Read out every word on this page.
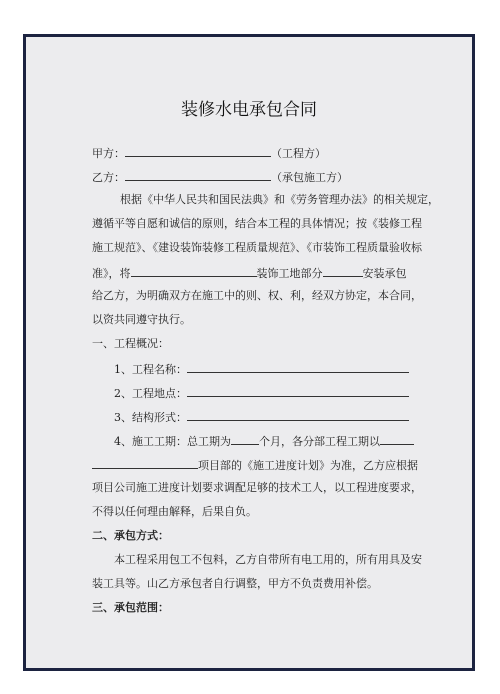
装修水电承包合同
甲方：	（工程方）
乙方：	（承包施工方）
根据《中华人民共和国民法典》和《劳务管理办法》的相关规定，
遵循平等自愿和诚信的原则，结合本工程的具体情况；按《装修工程
施工规范》、《建设装饰装修工程质量规范》、《市装饰工程质量验收标
准》，将	装饰工地部分	安装承包
给乙方，为明确双方在施工中的则、权、利，经双方协定，本合同，
以资共同遵守执行。
一、工程概况：
1、工程名称：
2、工程地点：
3、结构形式：
4、施工工期：总工期为	个月，各分部工程工期以
项目部的《施工进度计划》为准，乙方应根据
项目公司施工进度计划要求调配足够的技术工人，以工程进度要求，
不得以任何理由解释，后果自负。
二、承包方式：
本工程采用包工不包料，乙方自带所有电工用的，所有用具及安
装工具等。山乙方承包者自行调整，甲方不负责费用补偿。
三、承包范围：
